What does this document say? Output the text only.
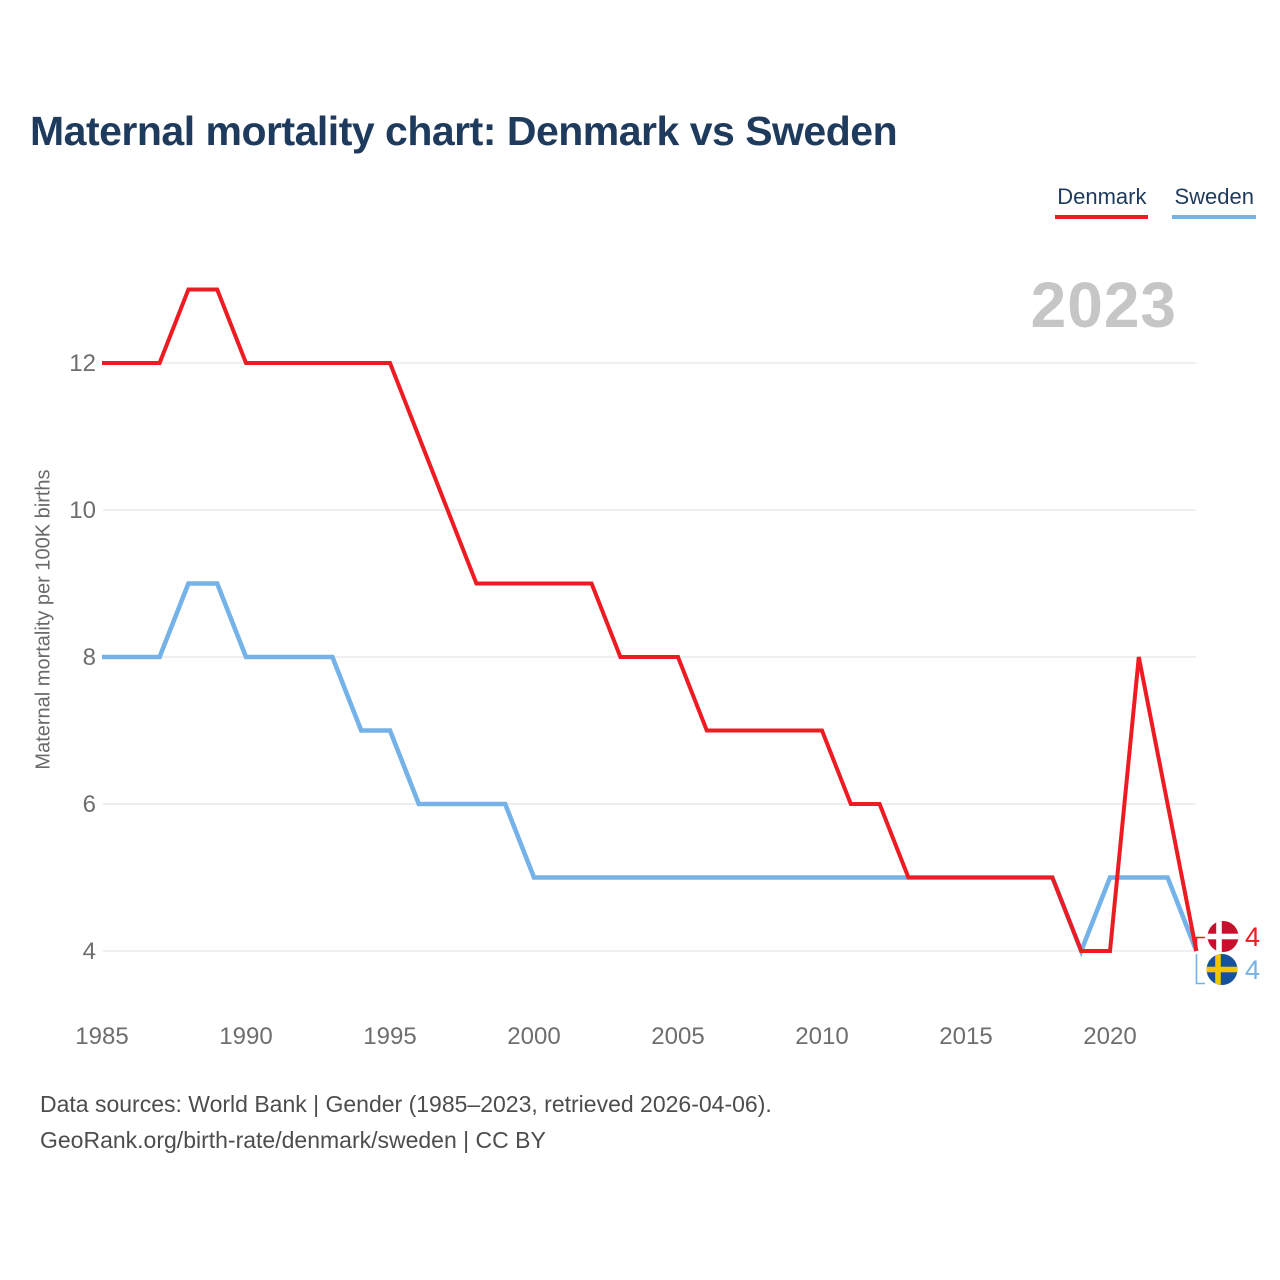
Maternal mortality chart: Denmark vs Sweden
Denmark Sweden
2023
Maternal mortality per 100K births
4
6
8
10
12
1985	1990	1995	2000	2005	2010	2015	2020
4
4
Data sources: World Bank | Gender (1985–2023, retrieved 2026-04-06).
GeoRank.org/birth-rate/denmark/sweden | CC BY
